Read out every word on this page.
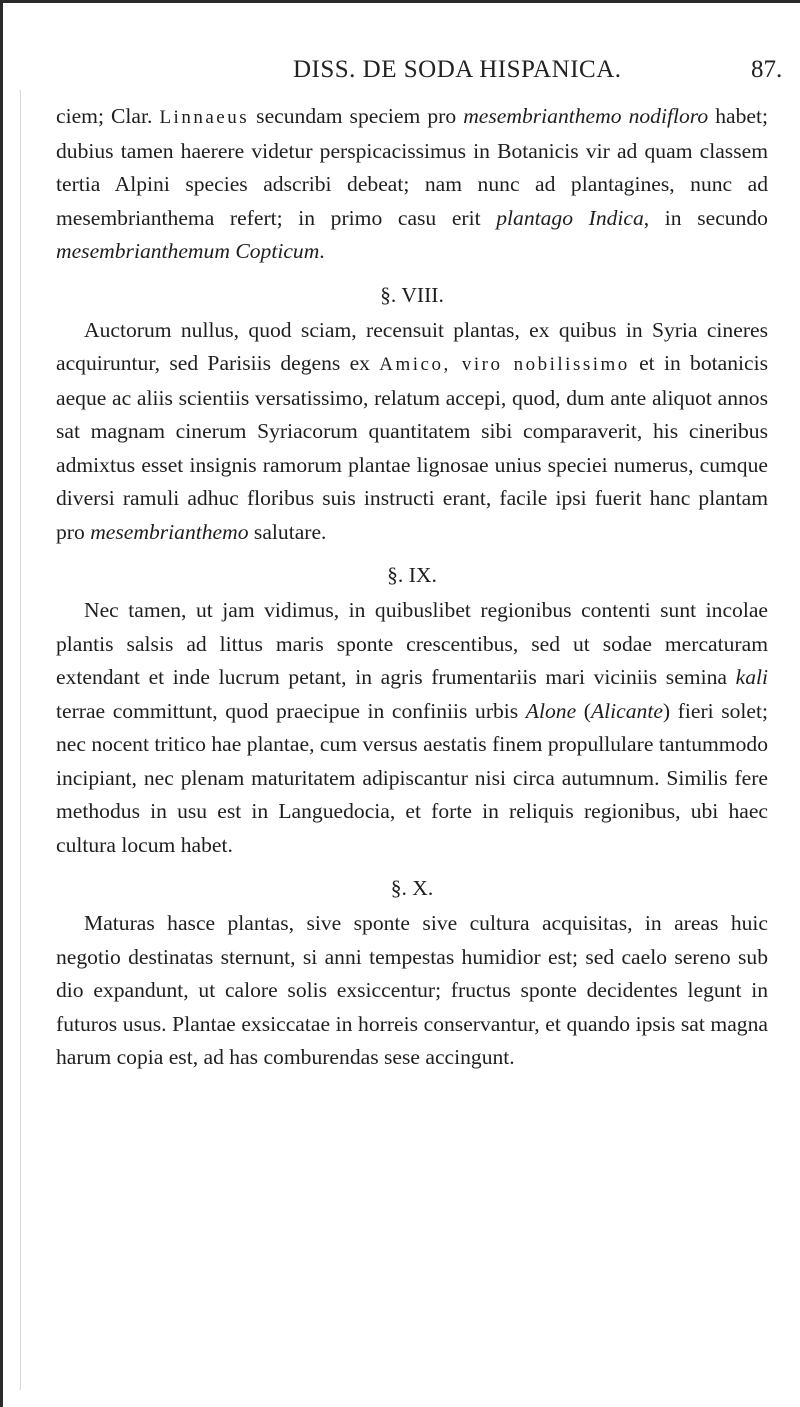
DISS. DE SODA HISPANICA.	87.

ciem; Clar. Linnaeus secundam speciem pro mesembrianthemo nodifloro habet; dubius tamen haerere videtur perspicacissimus in Botanicis vir ad quam classem tertia Alpini species adscribi debeat; nam nunc ad plantagines, nunc ad mesembrianthema refert; in primo casu erit plantago Indica, in secundo mesembrianthemum Copticum.

§. VIII.

Auctorum nullus, quod sciam, recensuit plantas, ex quibus in Syria cineres acquiruntur, sed Parisiis degens ex Amico, viro nobilissimo et in botanicis aeque ac aliis scientiis versatissimo, relatum accepi, quod, dum ante aliquot annos sat magnam cinerum Syriacorum quantitatem sibi comparaverit, his cineribus admixtus esset insignis ramorum plantae lignosae unius speciei numerus, cumque diversi ramuli adhuc floribus suis instructi erant, facile ipsi fuerit hanc plantam pro mesembrianthemo salutare.

§. IX.

Nec tamen, ut jam vidimus, in quibuslibet regionibus contenti sunt incolae plantis salsis ad littus maris sponte crescentibus, sed ut sodae mercaturam extendant et inde lucrum petant, in agris frumentariis mari viciniis semina kali terrae committunt, quod praecipue in confiniis urbis Alone (Alicante) fieri solet; nec nocent tritico hae plantae, cum versus aestatis finem propullulare tantummodo incipiant, nec plenam maturitatem adipiscantur nisi circa autumnum. Similis fere methodus in usu est in Languedocia, et forte in reliquis regionibus, ubi haec cultura locum habet.

§. X.

Maturas hasce plantas, sive sponte sive cultura acquisitas, in areas huic negotio destinatas sternunt, si anni tempestas humidior est; sed caelo sereno sub dio expandunt, ut calore solis exsiccentur; fructus sponte decidentes legunt in futuros usus. Plantae exsiccatae in horreis conservantur, et quando ipsis sat magna harum copia est, ad has comburendas sese accingunt.
